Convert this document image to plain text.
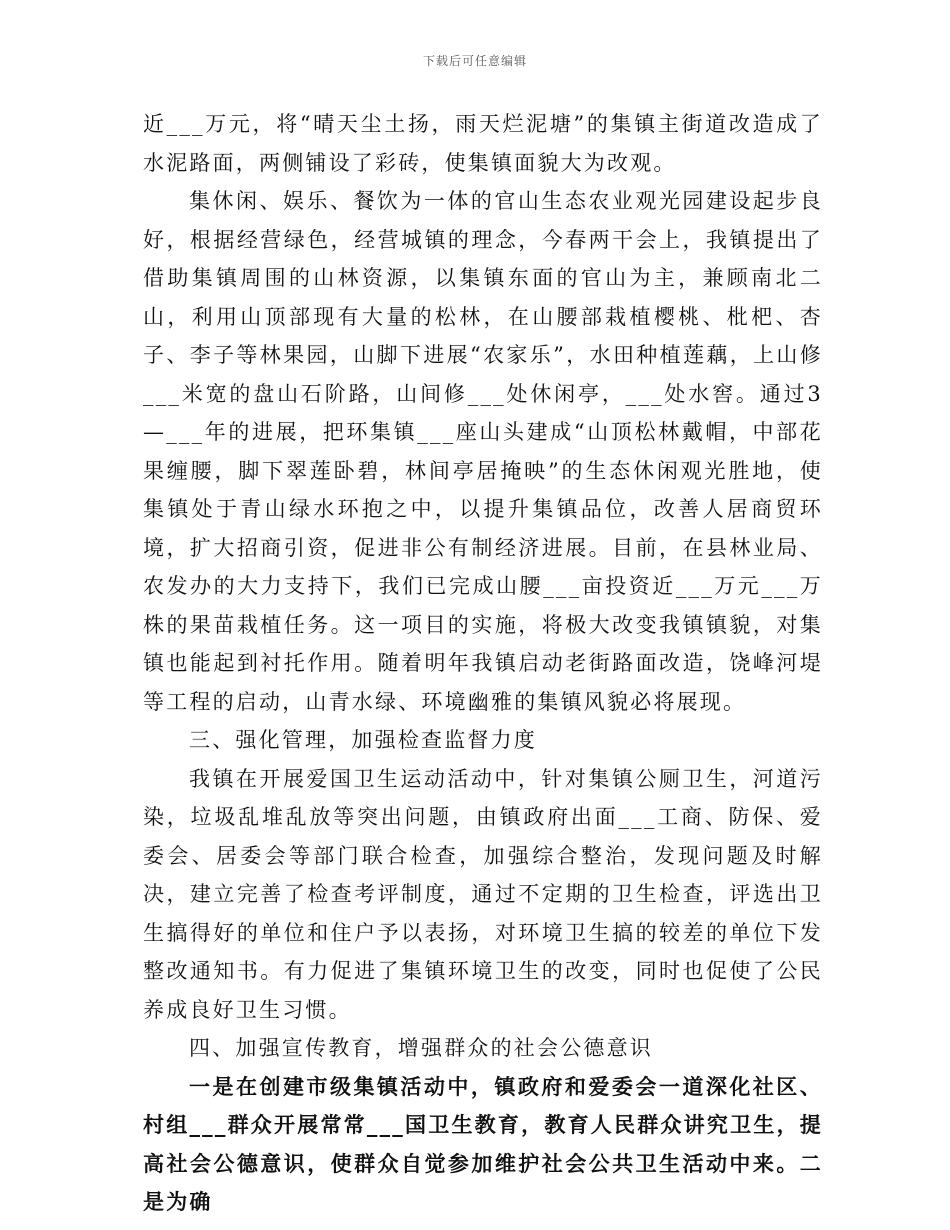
下载后可任意编辑

近___万元，将“晴天尘土扬，雨天烂泥塘”的集镇主街道改造成了水泥路面，两侧铺设了彩砖，使集镇面貌大为改观。

集休闲、娱乐、餐饮为一体的官山生态农业观光园建设起步良好，根据经营绿色，经营城镇的理念，今春两干会上，我镇提出了借助集镇周围的山林资源，以集镇东面的官山为主，兼顾南北二山，利用山顶部现有大量的松林，在山腰部栽植樱桃、枇杷、杏子、李子等林果园，山脚下进展“农家乐”，水田种植莲藕，上山修___米宽的盘山石阶路，山间修___处休闲亭，___处水窖。通过3—___年的进展，把环集镇___座山头建成“山顶松林戴帽，中部花果缠腰，脚下翠莲卧碧，林间亭居掩映”的生态休闲观光胜地，使集镇处于青山绿水环抱之中，以提升集镇品位，改善人居商贸环境，扩大招商引资，促进非公有制经济进展。目前，在县林业局、农发办的大力支持下，我们已完成山腰___亩投资近___万元___万株的果苗栽植任务。这一项目的实施，将极大改变我镇镇貌，对集镇也能起到衬托作用。随着明年我镇启动老街路面改造，饶峰河堤等工程的启动，山青水绿、环境幽雅的集镇风貌必将展现。

三、强化管理，加强检查监督力度

我镇在开展爱国卫生运动活动中，针对集镇公厕卫生，河道污染，垃圾乱堆乱放等突出问题，由镇政府出面___工商、防保、爱委会、居委会等部门联合检查，加强综合整治，发现问题及时解决，建立完善了检查考评制度，通过不定期的卫生检查，评选出卫生搞得好的单位和住户予以表扬，对环境卫生搞的较差的单位下发整改通知书。有力促进了集镇环境卫生的改变，同时也促使了公民养成良好卫生习惯。

四、加强宣传教育，增强群众的社会公德意识

一是在创建市级集镇活动中，镇政府和爱委会一道深化社区、村组___群众开展常常___国卫生教育，教育人民群众讲究卫生，提高社会公德意识，使群众自觉参加维护社会公共卫生活动中来。二是为确
